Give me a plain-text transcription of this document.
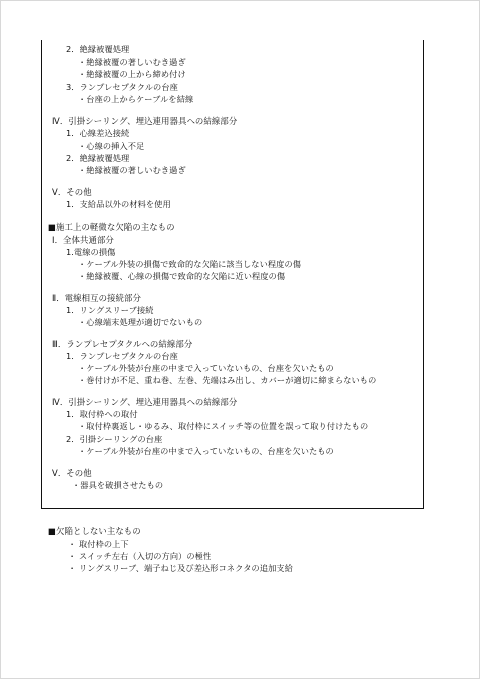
2．絶縁被覆処理
・絶縁被覆の著しいむき過ぎ
・絶縁被覆の上から締め付け
3．ランプレセプタクルの台座
・台座の上からケーブルを結線
Ⅳ．引掛シーリング、埋込連用器具への結線部分
1．心線差込接続
・心線の挿入不足
2．絶縁被覆処理
・絶縁被覆の著しいむき過ぎ
Ⅴ．その他
1．支給品以外の材料を使用
■施工上の軽微な欠陥の主なもの
Ⅰ．全体共通部分
1.電線の損傷
・ケーブル外装の損傷で致命的な欠陥に該当しない程度の傷
・絶縁被覆、心線の損傷で致命的な欠陥に近い程度の傷
Ⅱ．電線相互の接続部分
1．リングスリーブ接続
・心線端末処理が適切でないもの
Ⅲ．ランプレセプタクルへの結線部分
1．ランプレセプタクルの台座
・ケーブル外装が台座の中まで入っていないもの、台座を欠いたもの
・巻付けが不足、重ね巻、左巻、先端はみ出し、カバーが適切に締まらないもの
Ⅳ．引掛シーリング、埋込連用器具への結線部分
1．取付枠への取付
・取付枠裏返し・ゆるみ、取付枠にスイッチ等の位置を誤って取り付けたもの
2．引掛シーリングの台座
・ケーブル外装が台座の中まで入っていないもの、台座を欠いたもの
Ⅴ．その他
・器具を破損させたもの
■欠陥としない主なもの
・ 取付枠の上下
・ スイッチ左右（入切の方向）の極性
・ リングスリーブ、端子ねじ及び差込形コネクタの追加支給
